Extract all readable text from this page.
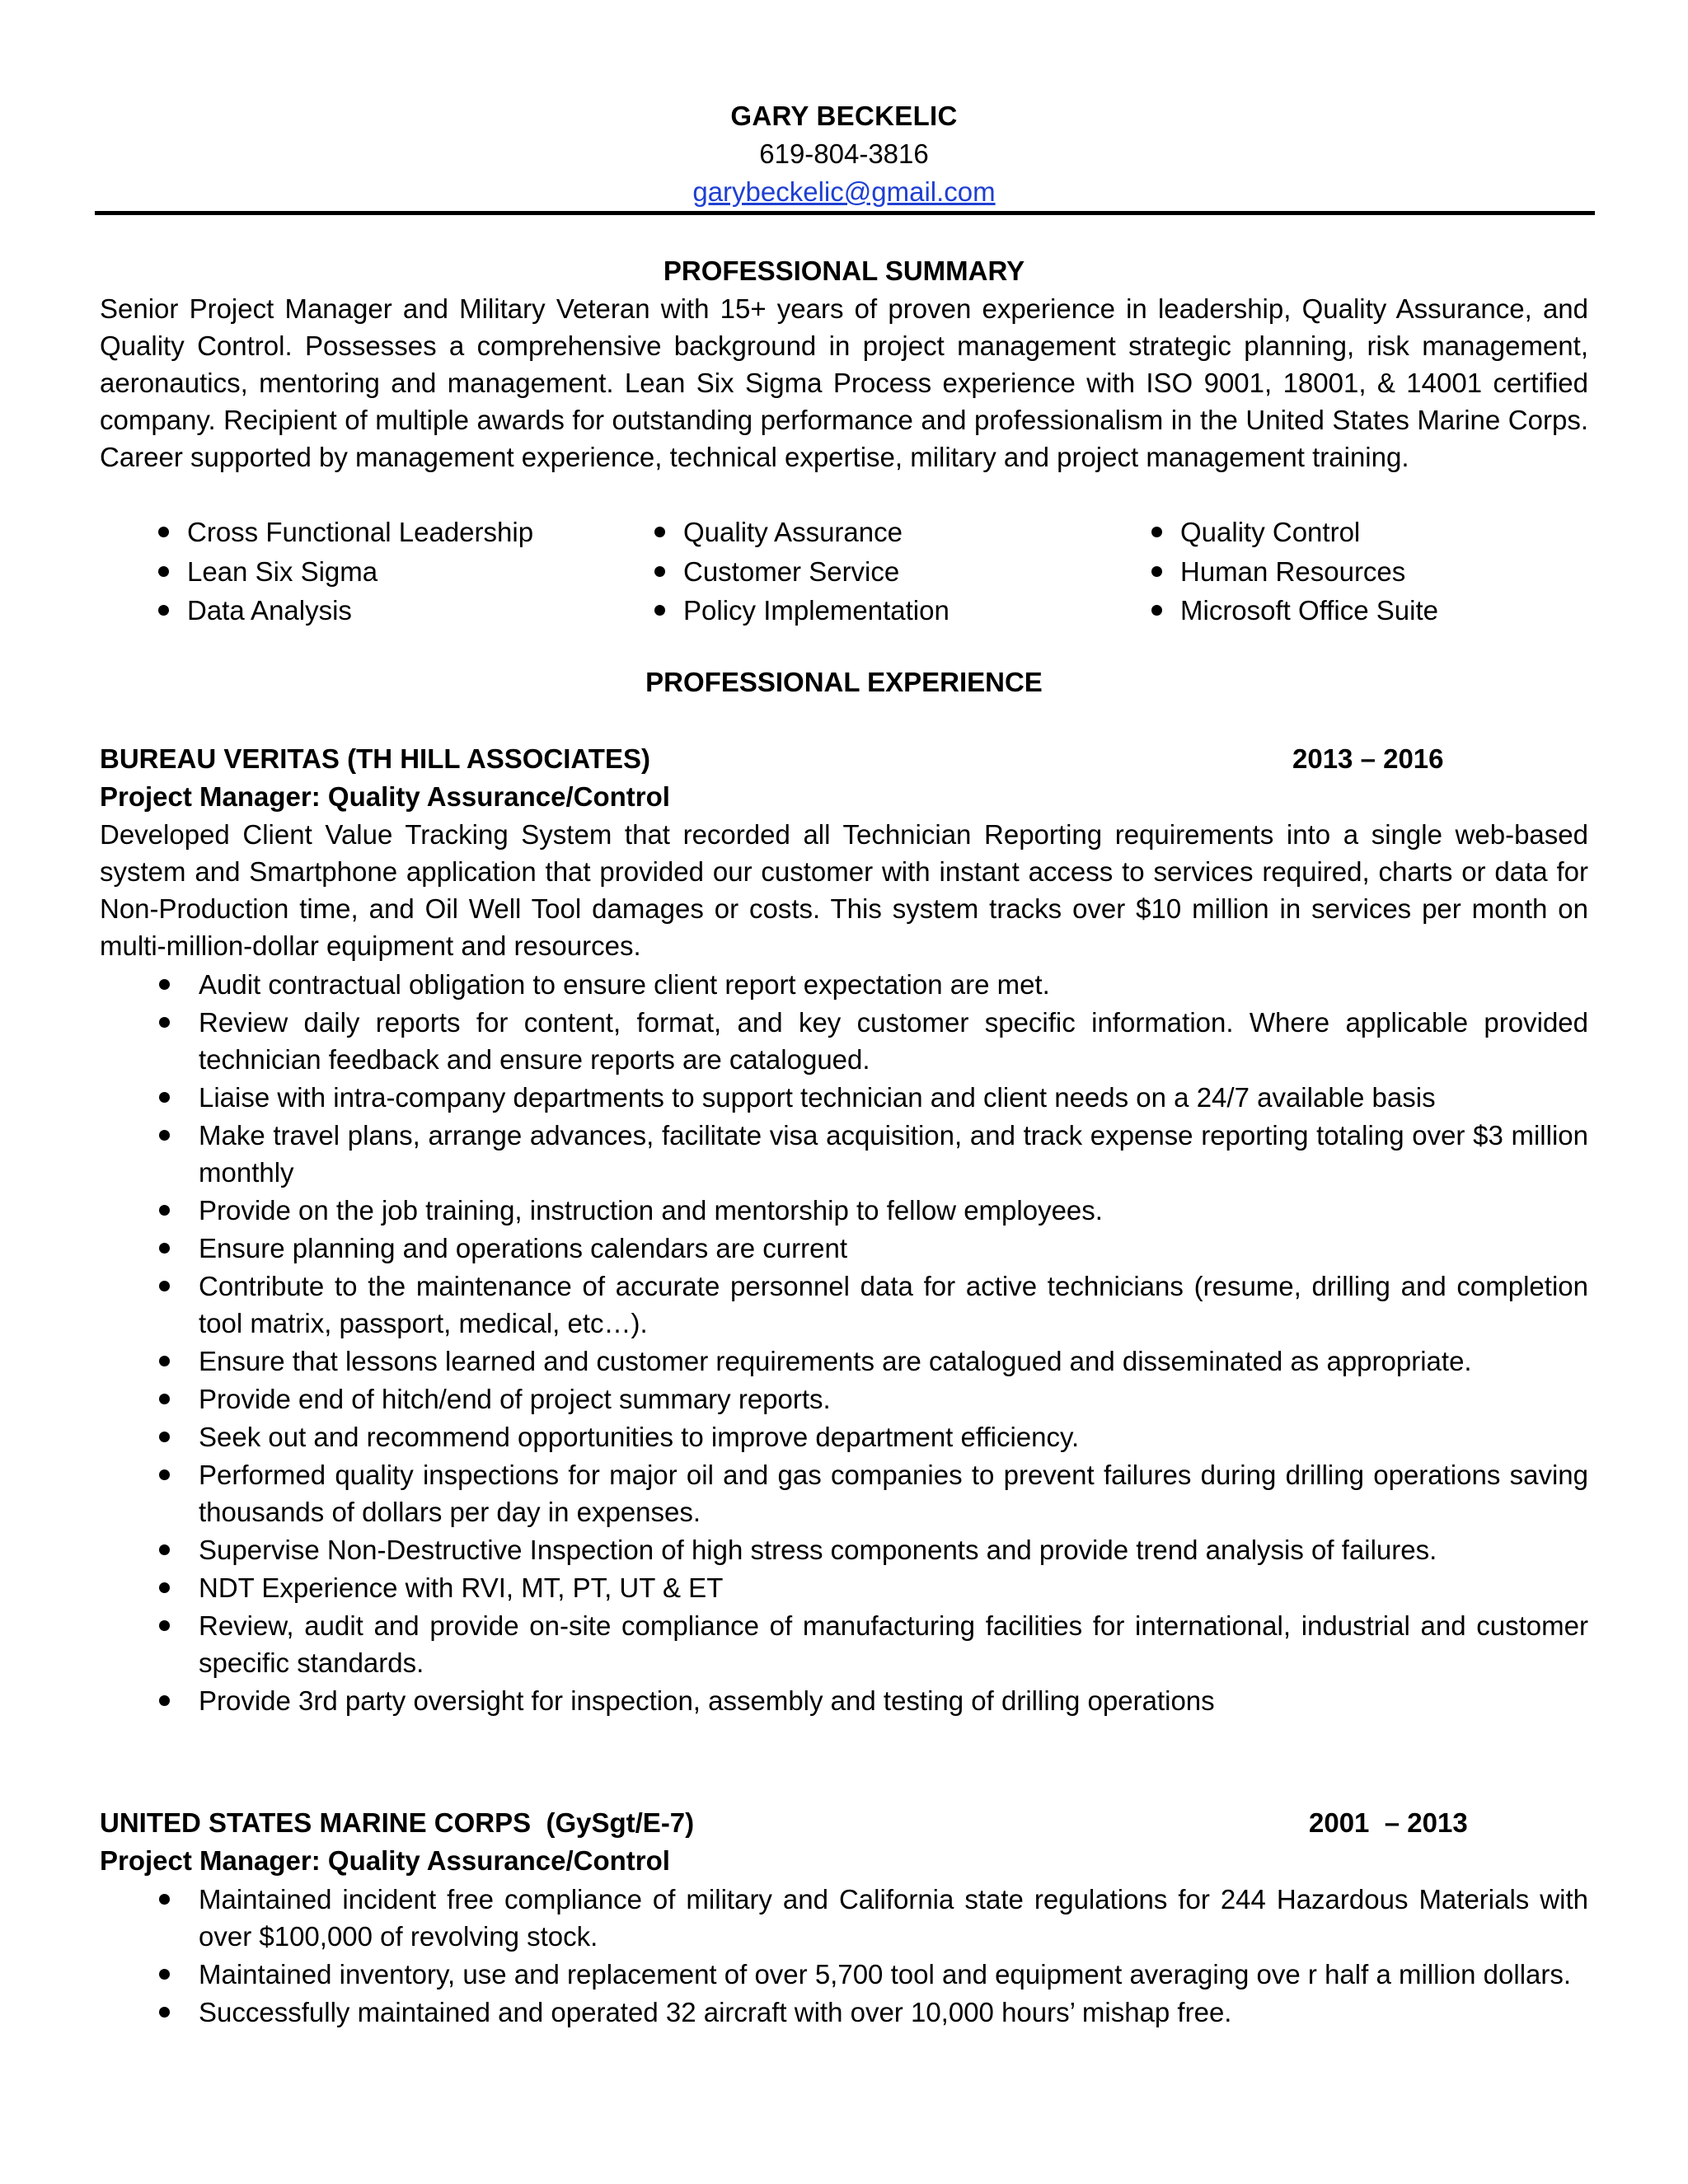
GARY BECKELIC
619-804-3816
garybeckelic@gmail.com
PROFESSIONAL SUMMARY
Senior Project Manager and Military Veteran with 15+ years of proven experience in leadership, Quality Assurance, and Quality Control. Possesses a comprehensive background in project management strategic planning, risk management, aeronautics, mentoring and management. Lean Six Sigma Process experience with ISO 9001, 18001, & 14001 certified company. Recipient of multiple awards for outstanding performance and professionalism in the United States Marine Corps. Career supported by management experience, technical expertise, military and project management training.
Cross Functional Leadership
Lean Six Sigma
Data Analysis
Quality Assurance
Customer Service
Policy Implementation
Quality Control
Human Resources
Microsoft Office Suite
PROFESSIONAL EXPERIENCE
BUREAU VERITAS (TH HILL ASSOCIATES)	2013 – 2016
Project Manager: Quality Assurance/Control
Developed Client Value Tracking System that recorded all Technician Reporting requirements into a single web-based system and Smartphone application that provided our customer with instant access to services required, charts or data for Non-Production time, and Oil Well Tool damages or costs. This system tracks over $10 million in services per month on multi-million-dollar equipment and resources.
Audit contractual obligation to ensure client report expectation are met.
Review daily reports for content, format, and key customer specific information. Where applicable provided technician feedback and ensure reports are catalogued.
Liaise with intra-company departments to support technician and client needs on a 24/7 available basis
Make travel plans, arrange advances, facilitate visa acquisition, and track expense reporting totaling over $3 million monthly
Provide on the job training, instruction and mentorship to fellow employees.
Ensure planning and operations calendars are current
Contribute to the maintenance of accurate personnel data for active technicians (resume, drilling and completion tool matrix, passport, medical, etc…).
Ensure that lessons learned and customer requirements are catalogued and disseminated as appropriate.
Provide end of hitch/end of project summary reports.
Seek out and recommend opportunities to improve department efficiency.
Performed quality inspections for major oil and gas companies to prevent failures during drilling operations saving thousands of dollars per day in expenses.
Supervise Non-Destructive Inspection of high stress components and provide trend analysis of failures.
NDT Experience with RVI, MT, PT, UT & ET
Review, audit and provide on-site compliance of manufacturing facilities for international, industrial and customer specific standards.
Provide 3rd party oversight for inspection, assembly and testing of drilling operations
UNITED STATES MARINE CORPS  (GySgt/E-7)	2001  – 2013
Project Manager: Quality Assurance/Control
Maintained incident free compliance of military and California state regulations for 244 Hazardous Materials with over $100,000 of revolving stock.
Maintained inventory, use and replacement of over 5,700 tool and equipment averaging ove r half a million dollars.
Successfully maintained and operated 32 aircraft with over 10,000 hours’ mishap free.
